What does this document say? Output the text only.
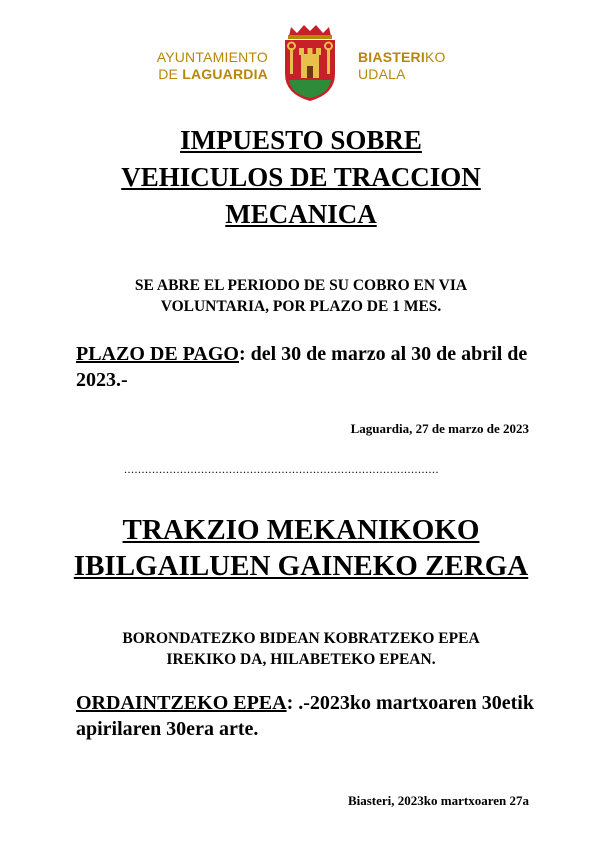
AYUNTAMIENTO
DE LAGUARDIA
BIASTERIKO
UDALA
IMPUESTO SOBRE
VEHICULOS DE TRACCION
MECANICA
SE ABRE EL PERIODO DE SU COBRO EN VIA
VOLUNTARIA, POR PLAZO DE 1 MES.
PLAZO DE PAGO: del 30 de marzo al 30 de abril de 2023.-
Laguardia, 27 de marzo de 2023
..........................................................................................
TRAKZIO MEKANIKOKO
IBILGAILUEN GAINEKO ZERGA
BORONDATEZKO BIDEAN KOBRATZEKO EPEA
IREKIKO DA, HILABETEKO EPEAN.
ORDAINTZEKO EPEA: .-2023ko martxoaren 30etik apirilaren 30era arte.
Biasteri, 2023ko martxoaren 27a
